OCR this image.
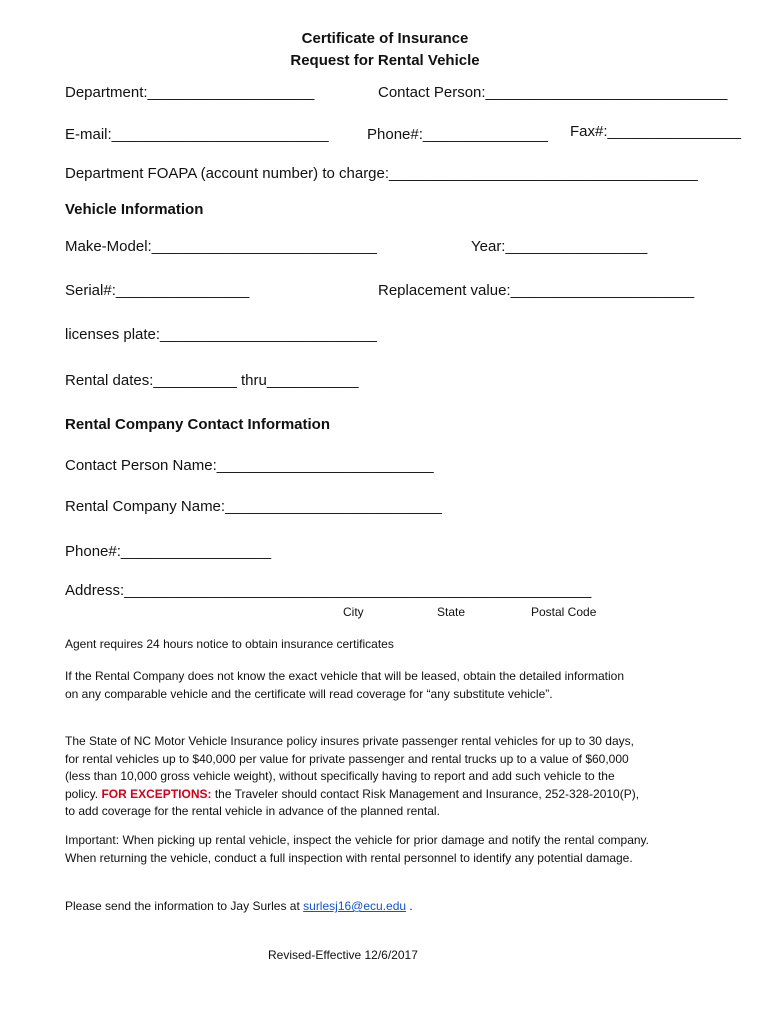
Certificate of Insurance
Request for Rental Vehicle
Department:____________________	Contact Person:_____________________________
E-mail:__________________________	Phone#:_______________ Fax#:________________
Department FOAPA (account number) to charge:_____________________________________
Vehicle Information
Make-Model:___________________________	Year:_________________
Serial#:________________	Replacement value:______________________
licenses plate:__________________________
Rental dates:__________ thru___________
Rental Company Contact Information
Contact Person Name:__________________________
Rental Company Name:__________________________
Phone#:__________________
Address:________________________________________________________
City	State	Postal Code
Agent requires 24 hours notice to obtain insurance certificates
If the Rental Company does not know the exact vehicle that will be leased, obtain the detailed information on any comparable vehicle and the certificate will read coverage for “any substitute vehicle”.
The State of NC Motor Vehicle Insurance policy insures private passenger rental vehicles for up to 30 days, for rental vehicles up to $40,000 per value for private passenger and rental trucks up to a value of $60,000 (less than 10,000 gross vehicle weight), without specifically having to report and add such vehicle to the policy. FOR EXCEPTIONS: the Traveler should contact Risk Management and Insurance, 252-328-2010(P), to add coverage for the rental vehicle in advance of the planned rental.
Important: When picking up rental vehicle, inspect the vehicle for prior damage and notify the rental company. When returning the vehicle, conduct a full inspection with rental personnel to identify any potential damage.
Please send the information to Jay Surles at surlesj16@ecu.edu .
Revised-Effective 12/6/2017
